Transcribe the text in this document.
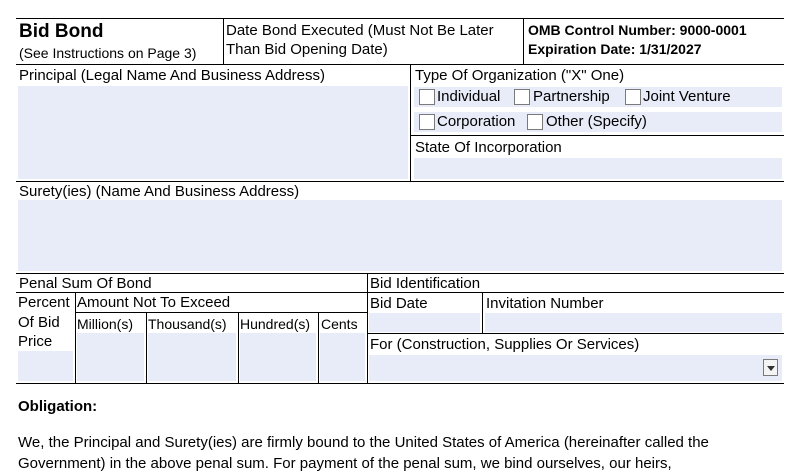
Bid Bond
(See Instructions on Page 3)
Date Bond Executed (Must Not Be Later
Than Bid Opening Date)
OMB Control Number: 9000-0001
Expiration Date: 1/31/2027
Principal (Legal Name And Business Address)	Type Of Organization ("X" One)
Individual Partnership Joint Venture
Corporation Other (Specify)
State Of Incorporation
Surety(ies) (Name And Business Address)
Penal Sum Of Bond
Percent
Of Bid
Price
Amount Not To Exceed
Million(s) Thousand(s) Hundred(s) Cents
Bid Identification
Bid Date	Invitation Number
For (Construction, Supplies Or Services)
Obligation:
We, the Principal and Surety(ies) are firmly bound to the United States of America (hereinafter called the Government) in the above penal sum. For payment of the penal sum, we bind ourselves, our heirs,
